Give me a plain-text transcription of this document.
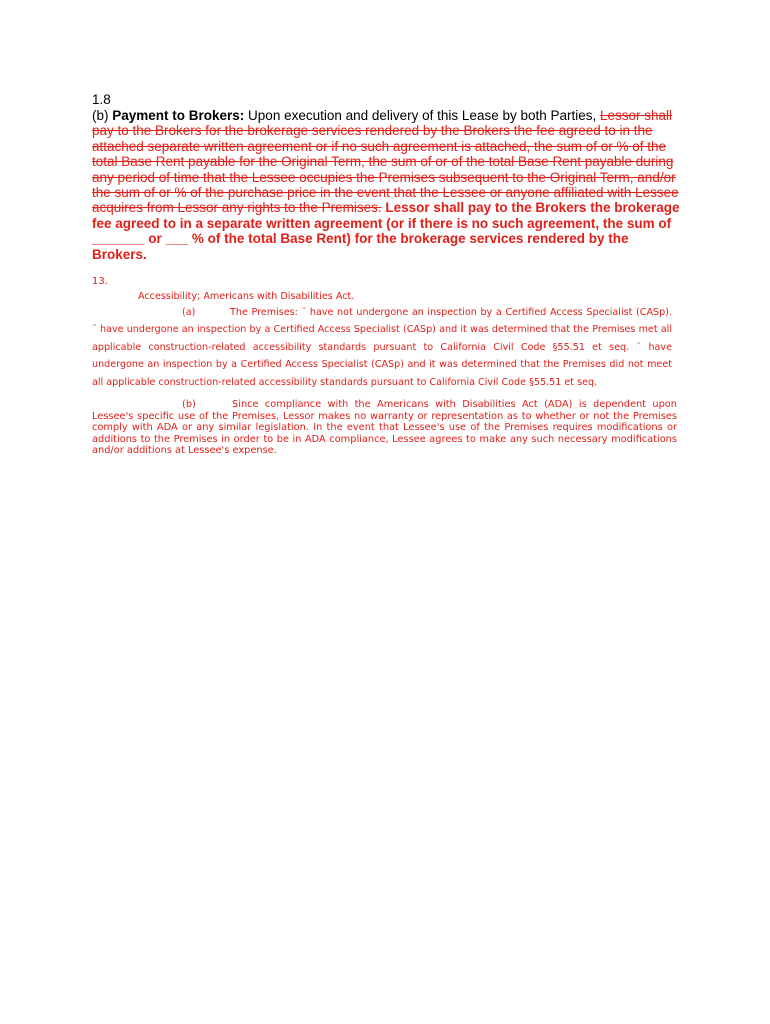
1.8

(b) Payment to Brokers: Upon execution and delivery of this Lease by both Parties, Lessor shall pay to the Brokers for the brokerage services rendered by the Brokers the fee agreed to in the attached separate written agreement or if no such agreement is attached, the sum of or % of the total Base Rent payable for the Original Term, the sum of or of the total Base Rent payable during any period of time that the Lessee occupies the Premises subsequent to the Original Term, and/or the sum of or % of the purchase price in the event that the Lessee or anyone affiliated with Lessee acquires from Lessor any rights to the Premises. Lessor shall pay to the Brokers the brokerage fee agreed to in a separate written agreement (or if there is no such agreement, the sum of _______ or ___ % of the total Base Rent) for the brokerage services rendered by the Brokers.

13.
Accessibility; Americans with Disabilities Act.
(a)	The Premises: ¨ have not undergone an inspection by a Certified Access Specialist (CASp). ¨ have undergone an inspection by a Certified Access Specialist (CASp) and it was determined that the Premises met all applicable construction-related accessibility standards pursuant to California Civil Code §55.51 et seq. ¨ have undergone an inspection by a Certified Access Specialist (CASp) and it was determined that the Premises did not meet all applicable construction-related accessibility standards pursuant to California Civil Code §55.51 et seq.
(b)	Since compliance with the Americans with Disabilities Act (ADA) is dependent upon Lessee's specific use of the Premises, Lessor makes no warranty or representation as to whether or not the Premises comply with ADA or any similar legislation. In the event that Lessee's use of the Premises requires modifications or additions to the Premises in order to be in ADA compliance, Lessee agrees to make any such necessary modifications and/or additions at Lessee's expense.
